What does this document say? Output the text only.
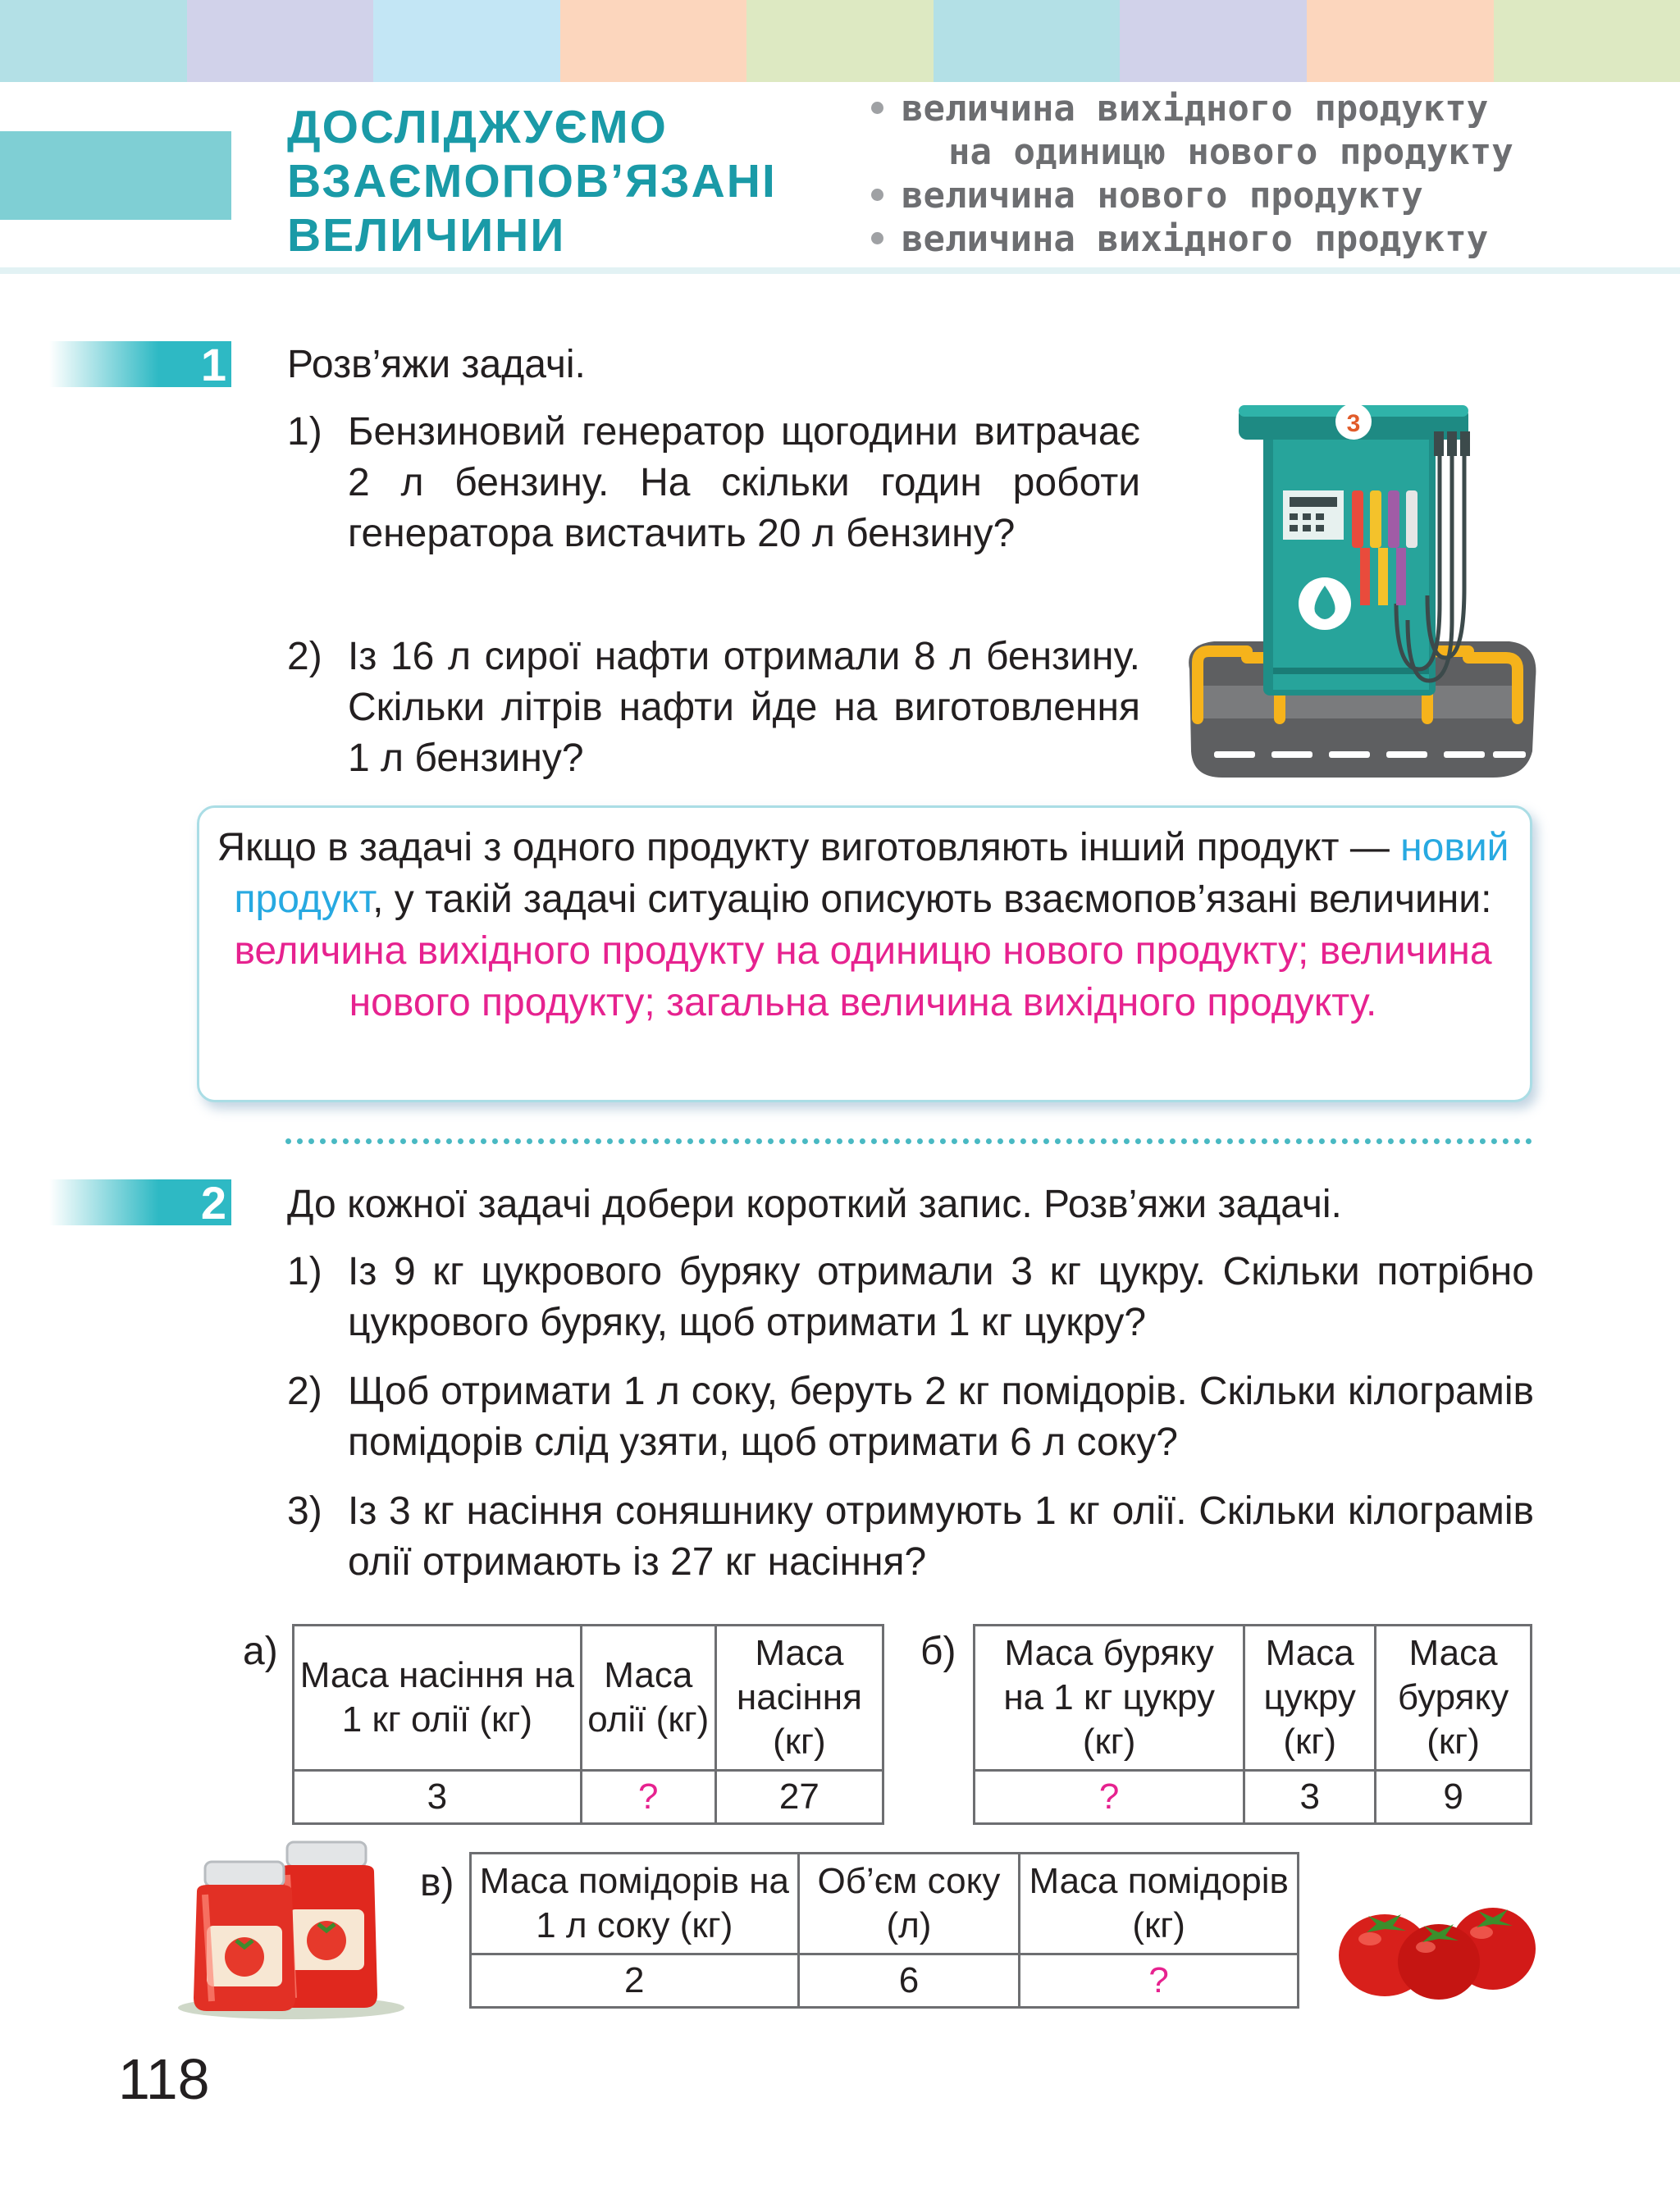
ДОСЛІДЖУЄМО
ВЗАЄМОПОВ’ЯЗАНІ
ВЕЛИЧИНИ
величина вихідного продукту
на одиницю нового продукту
величина нового продукту
величина вихідного продукту
1 Розв’яжи задачі.

1) Бензиновий генератор щогодини витрачає 2 л бензину. На скільки годин роботи генератора вистачить 20 л бензину?
2) Із 16 л сирої нафти отримали 8 л бензину. Скільки літрів нафти йде на виготовлення 1 л бензину?
3

Якщо в задачі з одного продукту виготовляють інший продукт — новий продукт, у такій задачі ситуацію описують взаємопов’язані величини: величина вихідного продукту на одиницю нового продукту; величина нового продукту; загальна величина вихідного продукту.

2 До кожної задачі добери короткий запис. Розв’яжи задачі.

1) Із 9 кг цукрового буряку отримали 3 кг цукру. Скільки потрібно цукрового буряку, щоб отримати 1 кг цукру?
2) Щоб отримати 1 л соку, беруть 2 кг помідорів. Скільки кілограмів помідорів слід узяти, щоб отримати 6 л соку?
3) Із 3 кг насіння соняшнику отримують 1 кг олії. Скільки кілограмів олії отримають із 27 кг насіння?
а)
Маса насіння на 1 кг олії (кг)	Маса олії (кг)	Маса насіння (кг)
3	?	27
б) Маса буряку на 1 кг цукру (кг)	Маса цукру (кг)	Маса буряку (кг)
?	3	9
в) Маса помідорів на 1 л соку (кг)	Об’єм соку (л)	Маса помідорів (кг)
2	6	?

118
